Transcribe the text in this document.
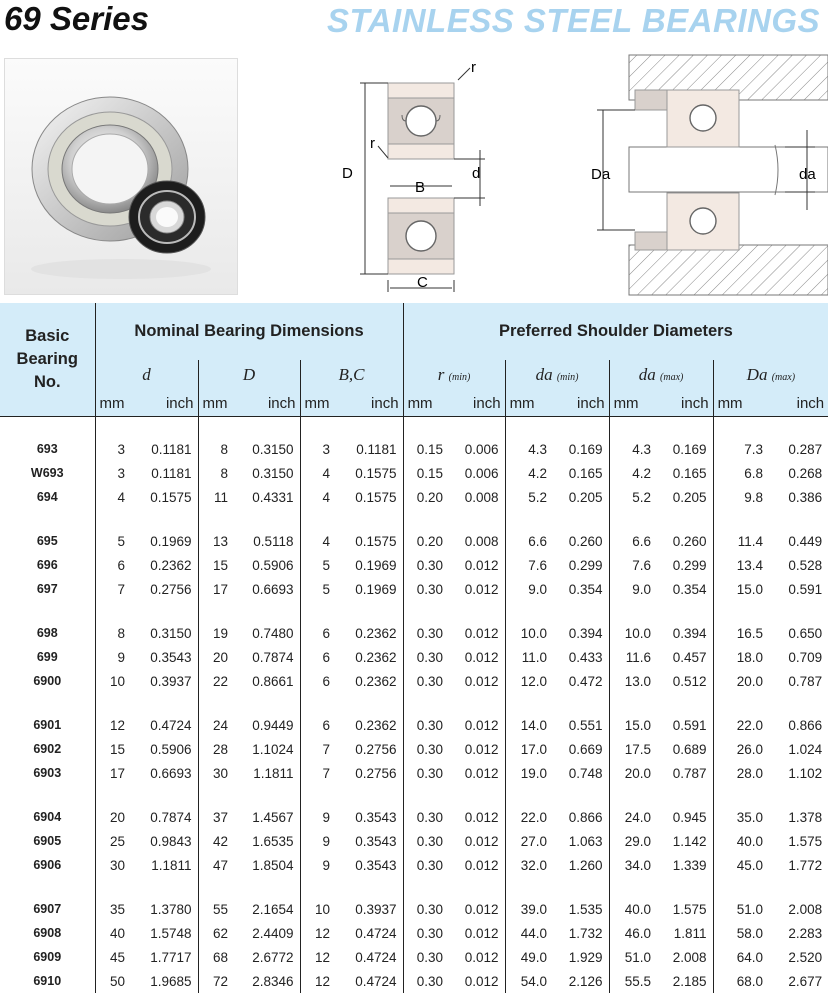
69 Series	STAINLESS STEEL BEARINGS
D
B
d
C
r
r
Da	da
Basic
Bearing
No.	Nominal Bearing Dimensions						Preferred Shoulder Diameters							
	d		D		B,C		r (min)		da (min)		da (max)		Da (max)	
	mm	inch	mm	inch	mm	inch	mm	inch	mm	inch	mm	inch	mm	inch

693	3	0.1181	8	0.3150	3	0.1181	0.15	0.006	4.3	0.169	4.3	0.169	7.3	0.287
W693	3	0.1181	8	0.3150	4	0.1575	0.15	0.006	4.2	0.165	4.2	0.165	6.8	0.268
694	4	0.1575	11	0.4331	4	0.1575	0.20	0.008	5.2	0.205	5.2	0.205	9.8	0.386

695	5	0.1969	13	0.5118	4	0.1575	0.20	0.008	6.6	0.260	6.6	0.260	11.4	0.449
696	6	0.2362	15	0.5906	5	0.1969	0.30	0.012	7.6	0.299	7.6	0.299	13.4	0.528
697	7	0.2756	17	0.6693	5	0.1969	0.30	0.012	9.0	0.354	9.0	0.354	15.0	0.591

698	8	0.3150	19	0.7480	6	0.2362	0.30	0.012	10.0	0.394	10.0	0.394	16.5	0.650
699	9	0.3543	20	0.7874	6	0.2362	0.30	0.012	11.0	0.433	11.6	0.457	18.0	0.709
6900	10	0.3937	22	0.8661	6	0.2362	0.30	0.012	12.0	0.472	13.0	0.512	20.0	0.787

6901	12	0.4724	24	0.9449	6	0.2362	0.30	0.012	14.0	0.551	15.0	0.591	22.0	0.866
6902	15	0.5906	28	1.1024	7	0.2756	0.30	0.012	17.0	0.669	17.5	0.689	26.0	1.024
6903	17	0.6693	30	1.1811	7	0.2756	0.30	0.012	19.0	0.748	20.0	0.787	28.0	1.102

6904	20	0.7874	37	1.4567	9	0.3543	0.30	0.012	22.0	0.866	24.0	0.945	35.0	1.378
6905	25	0.9843	42	1.6535	9	0.3543	0.30	0.012	27.0	1.063	29.0	1.142	40.0	1.575
6906	30	1.1811	47	1.8504	9	0.3543	0.30	0.012	32.0	1.260	34.0	1.339	45.0	1.772

6907	35	1.3780	55	2.1654	10	0.3937	0.30	0.012	39.0	1.535	40.0	1.575	51.0	2.008
6908	40	1.5748	62	2.4409	12	0.4724	0.30	0.012	44.0	1.732	46.0	1.811	58.0	2.283
6909	45	1.7717	68	2.6772	12	0.4724	0.30	0.012	49.0	1.929	51.0	2.008	64.0	2.520
6910	50	1.9685	72	2.8346	12	0.4724	0.30	0.012	54.0	2.126	55.5	2.185	68.0	2.677
